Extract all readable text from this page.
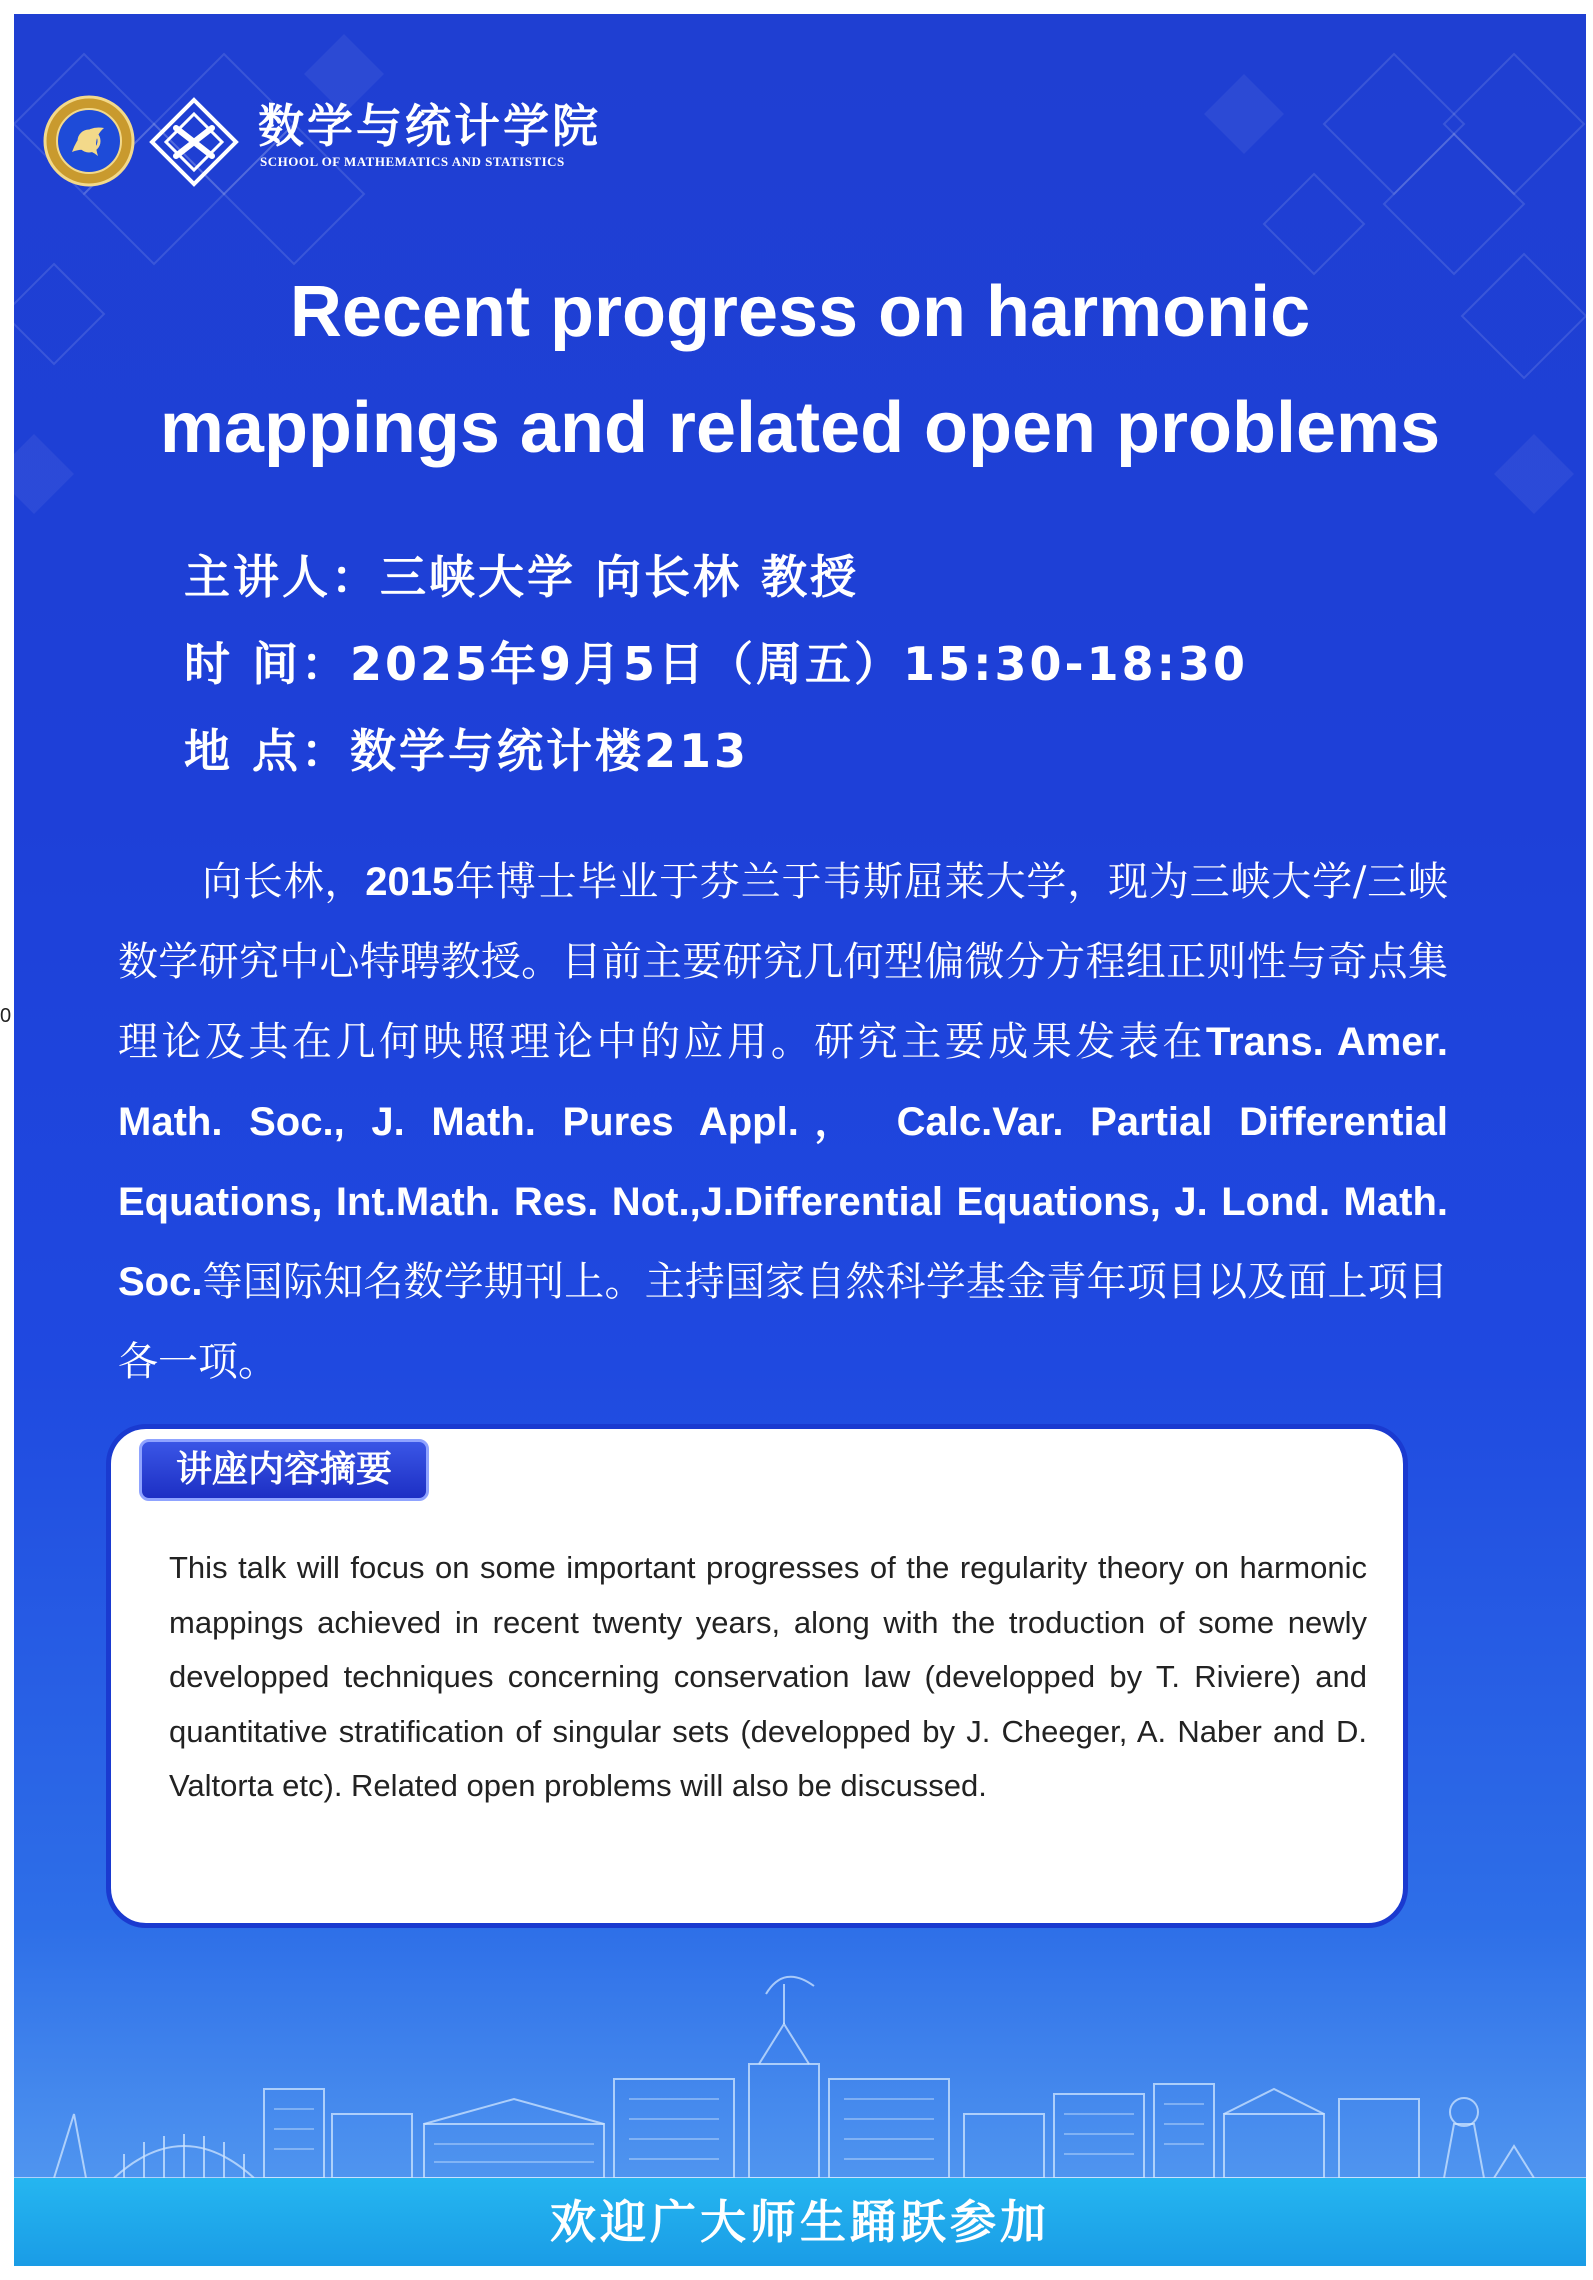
0
数学与统计学院
SCHOOL OF MATHEMATICS AND STATISTICS
Recent progress on harmonic
mappings and related open problems
主讲人：三峡大学 向长林 教授
时 间：2025年9月5日（周五）15:30-18:30
地 点：数学与统计楼213
向长林，2015年博士毕业于芬兰于韦斯屈莱大学，现为三峡大学/三峡数学研究中心特聘教授。目前主要研究几何型偏微分方程组正则性与奇点集理论及其在几何映照理论中的应用。研究主要成果发表在Trans. Amer. Math. Soc., J. Math. Pures Appl.， Calc.Var. Partial Differential Equations, Int.Math. Res. Not.,J.Differential Equations, J. Lond. Math. Soc.等国际知名数学期刊上。主持国家自然科学基金青年项目以及面上项目各一项。
讲座内容摘要
This talk will focus on some important progresses of the regularity theory on harmonic mappings achieved in recent twenty years, along with the troduction of some newly developped techniques concerning conservation law (developped by T. Riviere) and quantitative stratification of singular sets (developped by J. Cheeger, A. Naber and D. Valtorta etc). Related open problems will also be discussed.
欢迎广大师生踊跃参加
